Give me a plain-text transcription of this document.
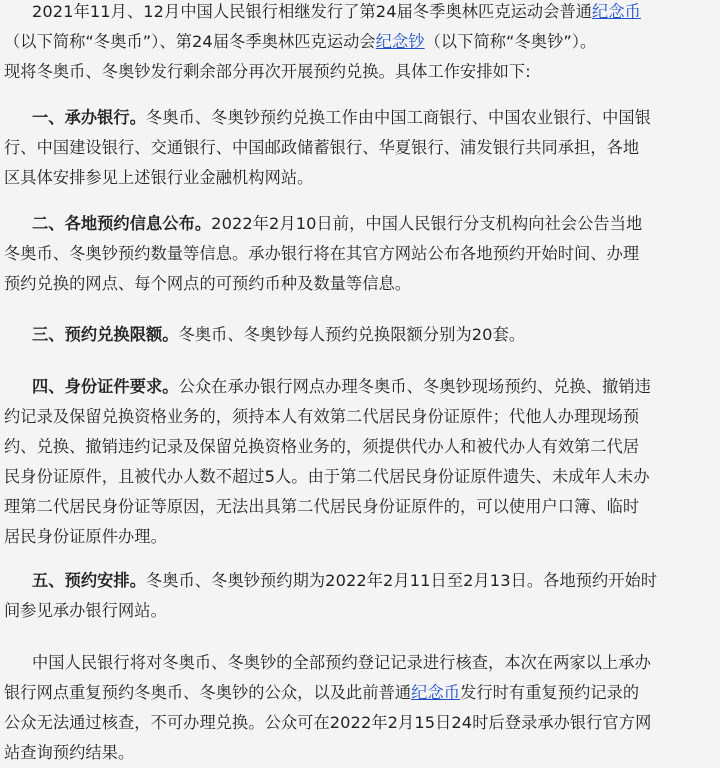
2021年11月、12月中国人民银行相继发行了第24届冬季奥林匹克运动会普通纪念币
（以下简称“冬奥币”）、第24届冬季奥林匹克运动会纪念钞（以下简称“冬奥钞”）。
现将冬奥币、冬奥钞发行剩余部分再次开展预约兑换。具体工作安排如下:
一、承办银行。冬奥币、冬奥钞预约兑换工作由中国工商银行、中国农业银行、中国银
行、中国建设银行、交通银行、中国邮政储蓄银行、华夏银行、浦发银行共同承担，各地
区具体安排参见上述银行业金融机构网站。
二、各地预约信息公布。2022年2月10日前，中国人民银行分支机构向社会公告当地
冬奥币、冬奥钞预约数量等信息。承办银行将在其官方网站公布各地预约开始时间、办理
预约兑换的网点、每个网点的可预约币种及数量等信息。
三、预约兑换限额。冬奥币、冬奥钞每人预约兑换限额分别为20套。
四、身份证件要求。公众在承办银行网点办理冬奥币、冬奥钞现场预约、兑换、撤销违
约记录及保留兑换资格业务的，须持本人有效第二代居民身份证原件；代他人办理现场预
约、兑换、撤销违约记录及保留兑换资格业务的，须提供代办人和被代办人有效第二代居
民身份证原件，且被代办人数不超过5人。由于第二代居民身份证原件遗失、未成年人未办
理第二代居民身份证等原因，无法出具第二代居民身份证原件的，可以使用户口簿、临时
居民身份证原件办理。
五、预约安排。冬奥币、冬奥钞预约期为2022年2月11日至2月13日。各地预约开始时
间参见承办银行网站。
中国人民银行将对冬奥币、冬奥钞的全部预约登记记录进行核查，本次在两家以上承办
银行网点重复预约冬奥币、冬奥钞的公众，以及此前普通纪念币发行时有重复预约记录的
公众无法通过核查，不可办理兑换。公众可在2022年2月15日24时后登录承办银行官方网
站查询预约结果。
